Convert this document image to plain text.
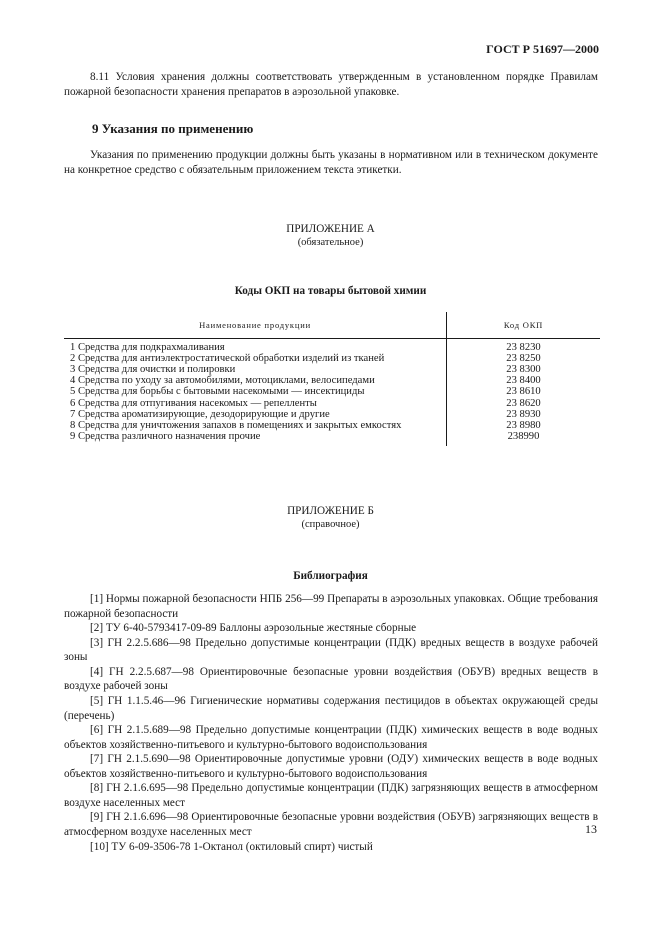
ГОСТ Р 51697—2000
8.11 Условия хранения должны соответствовать утвержденным в установленном порядке Правилам пожарной безопасности хранения препаратов в аэрозольной упаковке.
9 Указания по применению
Указания по применению продукции должны быть указаны в нормативном или в техническом документе на конкретное средство с обязательным приложением текста этикетки.
ПРИЛОЖЕНИЕ А
(обязательное)
Коды ОКП на товары бытовой химии
Наименование продукции	Код ОКП
1 Средства для подкрахмаливания	23 8230
2 Средства для антиэлектростатической обработки изделий из тканей	23 8250
3 Средства для очистки и полировки	23 8300
4 Средства по уходу за автомобилями, мотоциклами, велосипедами	23 8400
5 Средства для борьбы с бытовыми насекомыми — инсектициды	23 8610
6 Средства для отпугивания насекомых — репелленты	23 8620
7 Средства ароматизирующие, дезодорирующие и другие	23 8930
8 Средства для уничтожения запахов в помещениях и закрытых емкостях	23 8980
9 Средства различного назначения прочие	238990
ПРИЛОЖЕНИЕ Б
(справочное)
Библиография

[1] Нормы пожарной безопасности НПБ 256—99 Препараты в аэрозольных упаковках. Общие требования пожарной безопасности

[2] ТУ 6-40-5793417-09-89 Баллоны аэрозольные жестяные сборные

[3] ГН 2.2.5.686—98 Предельно допустимые концентрации (ПДК) вредных веществ в воздухе рабочей зоны

[4] ГН 2.2.5.687—98 Ориентировочные безопасные уровни воздействия (ОБУВ) вредных веществ в воздухе рабочей зоны

[5] ГН 1.1.5.46—96 Гигиенические нормативы содержания пестицидов в объектах окружающей среды (перечень)

[6] ГН 2.1.5.689—98 Предельно допустимые концентрации (ПДК) химических веществ в воде водных объектов хозяйственно-питьевого и культурно-бытового водоиспользования

[7] ГН 2.1.5.690—98 Ориентировочные допустимые уровни (ОДУ) химических веществ в воде водных объектов хозяйственно-питьевого и культурно-бытового водоиспользования

[8] ГН 2.1.6.695—98 Предельно допустимые концентрации (ПДК) загрязняющих веществ в атмосферном воздухе населенных мест

[9] ГН 2.1.6.696—98 Ориентировочные безопасные уровни воздействия (ОБУВ) загрязняющих веществ в атмосферном воздухе населенных мест

[10] ТУ 6-09-3506-78 1-Октанол (октиловый спирт) чистый

13
